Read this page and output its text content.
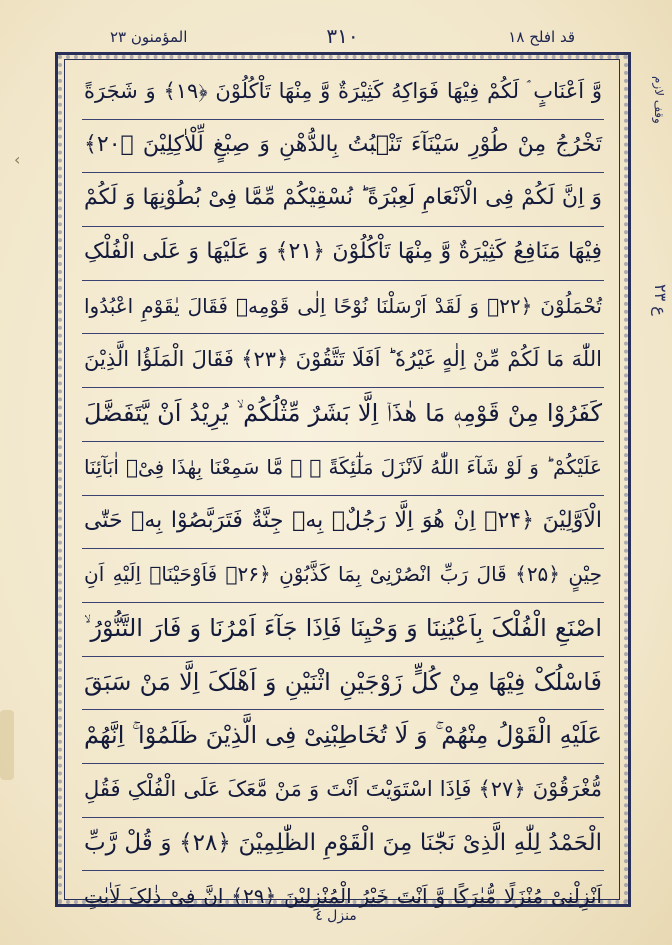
قد افلح ١٨
٣١٠
المؤمنون ٢٣
وقف لازم
ع ٢٣
‹
وَّ اَعْنَابٍ ۘ لَکُمْ فِیْهَا فَوَاکِهُ کَثِیْرَةٌ وَّ مِنْهَا تَاْکُلُوْنَ ﴿۱۹﴾ وَ شَجَرَةً
تَخْرُجُ مِنْ طُوْرِ سَیْنَآءَ تَنْۢبُتُ بِالدُّهْنِ وَ صِبْغٍ لِّلْاٰکِلِیْنَ ﴿۲۰﴾
وَ اِنَّ لَکُمْ فِی الْاَنْعَامِ لَعِبْرَةً ؕ نُسْقِیْکُمْ مِّمَّا فِیْ بُطُوْنِهَا وَ لَکُمْ
فِیْهَا مَنَافِعُ کَثِیْرَةٌ وَّ مِنْهَا تَاْکُلُوْنَ ﴿۲۱﴾ وَ عَلَیْهَا وَ عَلَی الْفُلْکِ
تُحْمَلُوْنَ ﴿۲۲﴾ وَ لَقَدْ اَرْسَلْنَا نُوْحًا اِلٰی قَوْمِهٖ فَقَالَ یٰقَوْمِ اعْبُدُوا
اللّٰهَ مَا لَکُمْ مِّنْ اِلٰهٍ غَیْرُهٗ ؕ اَفَلَا تَتَّقُوْنَ ﴿۲۳﴾ فَقَالَ الْمَلَؤُا الَّذِیْنَ
کَفَرُوْا مِنْ قَوْمِهٖ مَا هٰذَاۤ اِلَّا بَشَرٌ مِّثْلُکُمْ ۙ یُرِیْدُ اَنْ یَّتَفَضَّلَ
عَلَیْکُمْ ؕ وَ لَوْ شَآءَ اللّٰهُ لَاَنْزَلَ مَلٰٓئِکَةً ۖ ۚ مَّا سَمِعْنَا بِهٰذَا فِیْۤ اٰبَآئِنَا
الْاَوَّلِیْنَ ﴿۲۴﴾ اِنْ هُوَ اِلَّا رَجُلٌۢ بِهٖ جِنَّةٌ فَتَرَبَّصُوْا بِهٖ حَتّٰی
حِیْنٍ ﴿۲۵﴾ قَالَ رَبِّ انْصُرْنِیْ بِمَا کَذَّبُوْنِ ﴿۲۶﴾ فَاَوْحَیْنَاۤ اِلَیْهِ اَنِ
اصْنَعِ الْفُلْکَ بِاَعْیُنِنَا وَ وَحْیِنَا فَاِذَا جَآءَ اَمْرُنَا وَ فَارَ التَّنُّوْرُ ۙ
فَاسْلُکْ فِیْهَا مِنْ کُلٍّ زَوْجَیْنِ اثْنَیْنِ وَ اَهْلَکَ اِلَّا مَنْ سَبَقَ
عَلَیْهِ الْقَوْلُ مِنْهُمْ ۚ وَ لَا تُخَاطِبْنِیْ فِی الَّذِیْنَ ظَلَمُوْا ۚ اِنَّهُمْ
مُّغْرَقُوْنَ ﴿۲۷﴾ فَاِذَا اسْتَوَیْتَ اَنْتَ وَ مَنْ مَّعَکَ عَلَی الْفُلْکِ فَقُلِ
الْحَمْدُ لِلّٰهِ الَّذِیْ نَجّٰنَا مِنَ الْقَوْمِ الظّٰلِمِیْنَ ﴿۲۸﴾ وَ قُلْ رَّبِّ
اَنْزِلْنِیْ مُنْزَلًا مُّبٰرَکًا وَّ اَنْتَ خَیْرُ الْمُنْزِلِیْنَ ﴿۲۹﴾ اِنَّ فِیْ ذٰلِکَ لَاٰیٰتٍ
منزل ٤
